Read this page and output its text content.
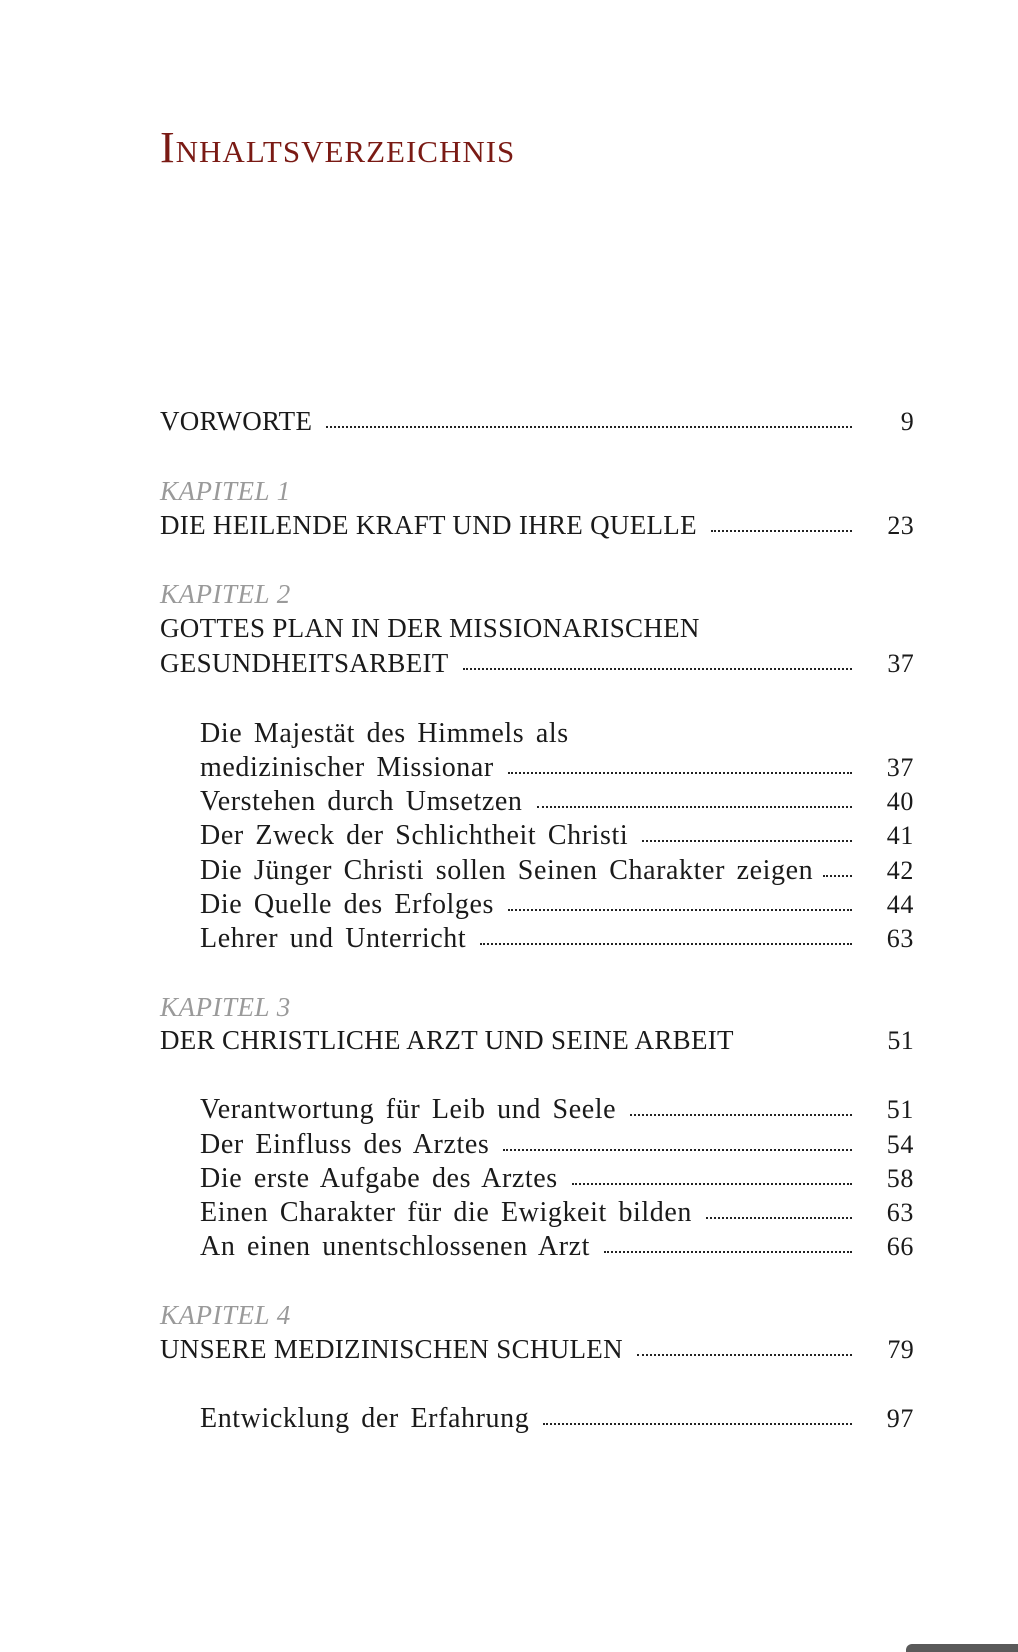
Inhaltsverzeichnis
VORWORTE	9

KAPITEL 1

DIE HEILENDE KRAFT UND IHRE QUELLE	23

KAPITEL 2

GOTTES PLAN IN DER MISSIONARISCHEN
GESUNDHEITSARBEIT	37
Die Majestät des Himmels als
medizinischer Missionar	37
Verstehen durch Umsetzen	40
Der Zweck der Schlichtheit Christi	41
Die Jünger Christi sollen Seinen Charakter zeigen	42
Die Quelle des Erfolges	44
Lehrer und Unterricht	63

KAPITEL 3

DER CHRISTLICHE ARZT UND SEINE ARBEIT	51
Verantwortung für Leib und Seele	51
Der Einfluss des Arztes	54
Die erste Aufgabe des Arztes	58
Einen Charakter für die Ewigkeit bilden	63
An einen unentschlossenen Arzt	66

KAPITEL 4

UNSERE MEDIZINISCHEN SCHULEN	79
Entwicklung der Erfahrung	97
